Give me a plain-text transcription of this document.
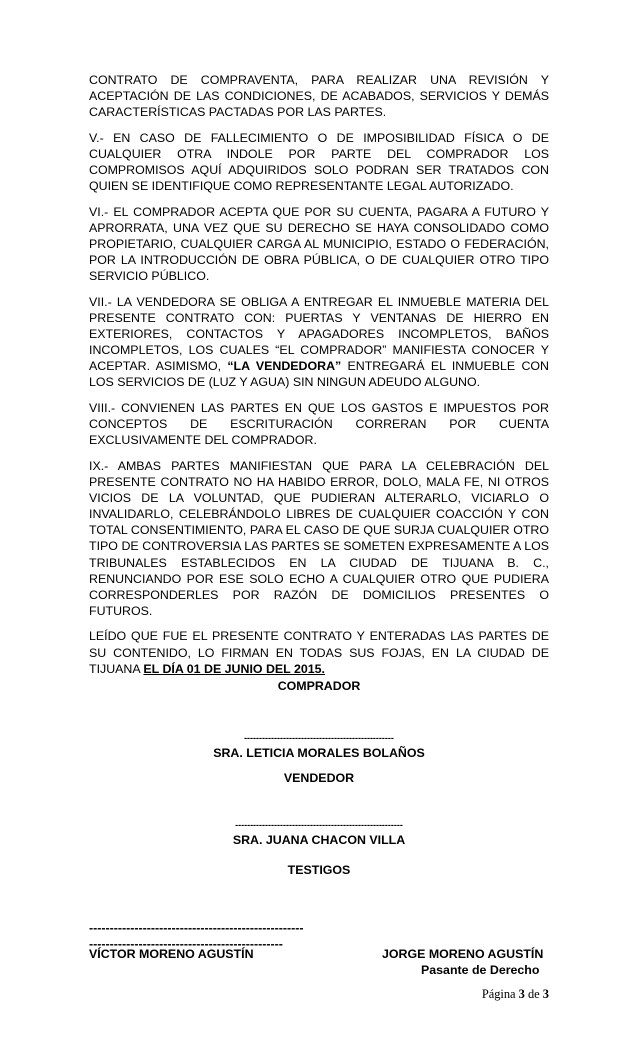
CONTRATO DE COMPRAVENTA, PARA REALIZAR UNA REVISIÓN Y ACEPTACIÓN DE LAS CONDICIONES, DE ACABADOS, SERVICIOS Y DEMÁS CARACTERÍSTICAS PACTADAS POR LAS PARTES.

V.- EN CASO DE FALLECIMIENTO O DE IMPOSIBILIDAD FÍSICA O DE CUALQUIER OTRA INDOLE POR PARTE DEL COMPRADOR LOS COMPROMISOS AQUÍ ADQUIRIDOS SOLO PODRAN SER TRATADOS CON QUIEN SE IDENTIFIQUE COMO REPRESENTANTE LEGAL AUTORIZADO.

VI.- EL COMPRADOR ACEPTA QUE POR SU CUENTA, PAGARA A FUTURO Y APRORRATA, UNA VEZ QUE SU DERECHO SE HAYA CONSOLIDADO COMO PROPIETARIO, CUALQUIER CARGA AL MUNICIPIO, ESTADO O FEDERACIÓN, POR LA INTRODUCCIÓN DE OBRA PÚBLICA, O DE CUALQUIER OTRO TIPO SERVICIO PÚBLICO.

VII.- LA VENDEDORA SE OBLIGA A ENTREGAR EL INMUEBLE MATERIA DEL PRESENTE CONTRATO CON: PUERTAS Y VENTANAS DE HIERRO EN EXTERIORES, CONTACTOS Y APAGADORES INCOMPLETOS, BAÑOS INCOMPLETOS, LOS CUALES “EL COMPRADOR” MANIFIESTA CONOCER Y ACEPTAR. ASIMISMO, “LA VENDEDORA” ENTREGARÁ EL INMUEBLE CON LOS SERVICIOS DE (LUZ Y AGUA) SIN NINGUN ADEUDO ALGUNO.

VIII.- CONVIENEN LAS PARTES EN QUE LOS GASTOS E IMPUESTOS POR CONCEPTOS DE ESCRITURACIÓN CORRERAN POR CUENTA EXCLUSIVAMENTE DEL COMPRADOR.

IX.- AMBAS PARTES MANIFIESTAN QUE PARA LA CELEBRACIÓN DEL PRESENTE CONTRATO NO HA HABIDO ERROR, DOLO, MALA FE, NI OTROS VICIOS DE LA VOLUNTAD, QUE PUDIERAN ALTERARLO, VICIARLO O INVALIDARLO, CELEBRÁNDOLO LIBRES DE CUALQUIER COACCIÓN Y CON TOTAL CONSENTIMIENTO, PARA EL CASO DE QUE SURJA CUALQUIER OTRO TIPO DE CONTROVERSIA LAS PARTES SE SOMETEN EXPRESAMENTE A LOS TRIBUNALES ESTABLECIDOS EN LA CIUDAD DE TIJUANA B. C., RENUNCIANDO POR ESE SOLO ECHO A CUALQUIER OTRO QUE PUDIERA CORRESPONDERLES POR RAZÓN DE DOMICILIOS PRESENTES O FUTUROS.

LEÍDO QUE FUE EL PRESENTE CONTRATO Y ENTERADAS LAS PARTES DE SU CONTENIDO, LO FIRMAN EN TODAS SUS FOJAS, EN LA CIUDAD DE TIJUANA EL DÍA 01 DE JUNIO DEL 2015.

COMPRADOR
--------------------------------------------------
SRA. LETICIA MORALES BOLAÑOS
VENDEDOR
--------------------------------------------------------
SRA. JUANA CHACON VILLA
TESTIGOS
----------------------------------------------------
-----------------------------------------------
VÍCTOR MORENO AGUSTÍN	JORGE MORENO AGUSTÍN
Pasante de Derecho
Página 3 de 3
